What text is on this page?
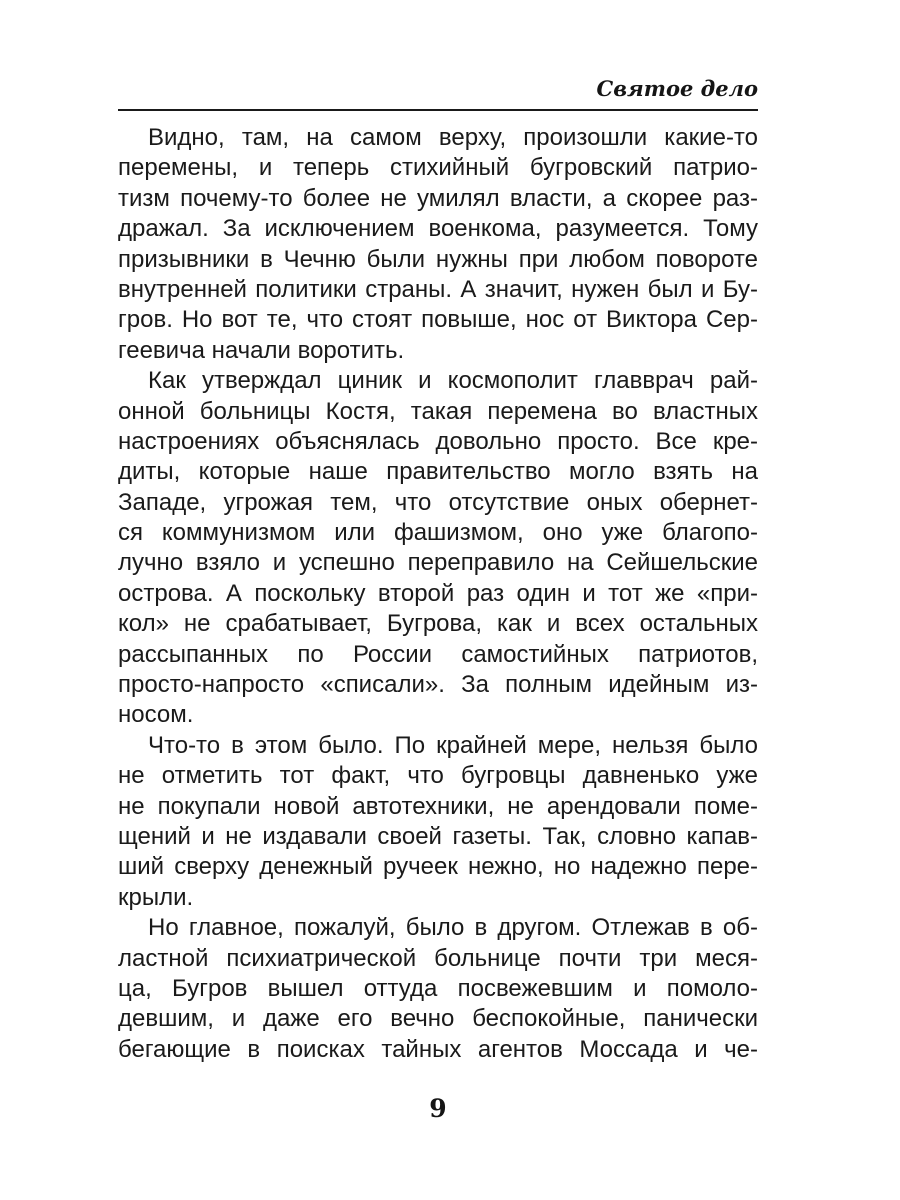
Святое дело
Видно, там, на самом верху, произошли какие-то
перемены, и теперь стихийный бугровский патрио-
тизм почему-то более не умилял власти, а скорее раз-
дражал. За исключением военкома, разумеется. Тому
призывники в Чечню были нужны при любом повороте
внутренней политики страны. А значит, нужен был и Бу-
гров. Но вот те, что стоят повыше, нос от Виктора Сер-
геевича начали воротить.
Как утверждал циник и космополит главврач рай-
онной больницы Костя, такая перемена во властных
настроениях объяснялась довольно просто. Все кре-
диты, которые наше правительство могло взять на
Западе, угрожая тем, что отсутствие оных обернет-
ся коммунизмом или фашизмом, оно уже благопо-
лучно взяло и успешно переправило на Сейшельские
острова. А поскольку второй раз один и тот же «при-
кол» не срабатывает, Бугрова, как и всех остальных
рассыпанных по России самостийных патриотов,
просто-напросто «списали». За полным идейным из-
носом.
Что-то в этом было. По крайней мере, нельзя было
не отметить тот факт, что бугровцы давненько уже
не покупали новой автотехники, не арендовали поме-
щений и не издавали своей газеты. Так, словно капав-
ший сверху денежный ручеек нежно, но надежно пере-
крыли.
Но главное, пожалуй, было в другом. Отлежав в об-
ластной психиатрической больнице почти три меся-
ца, Бугров вышел оттуда посвежевшим и помоло-
девшим, и даже его вечно беспокойные, панически
бегающие в поисках тайных агентов Моссада и че-
9
